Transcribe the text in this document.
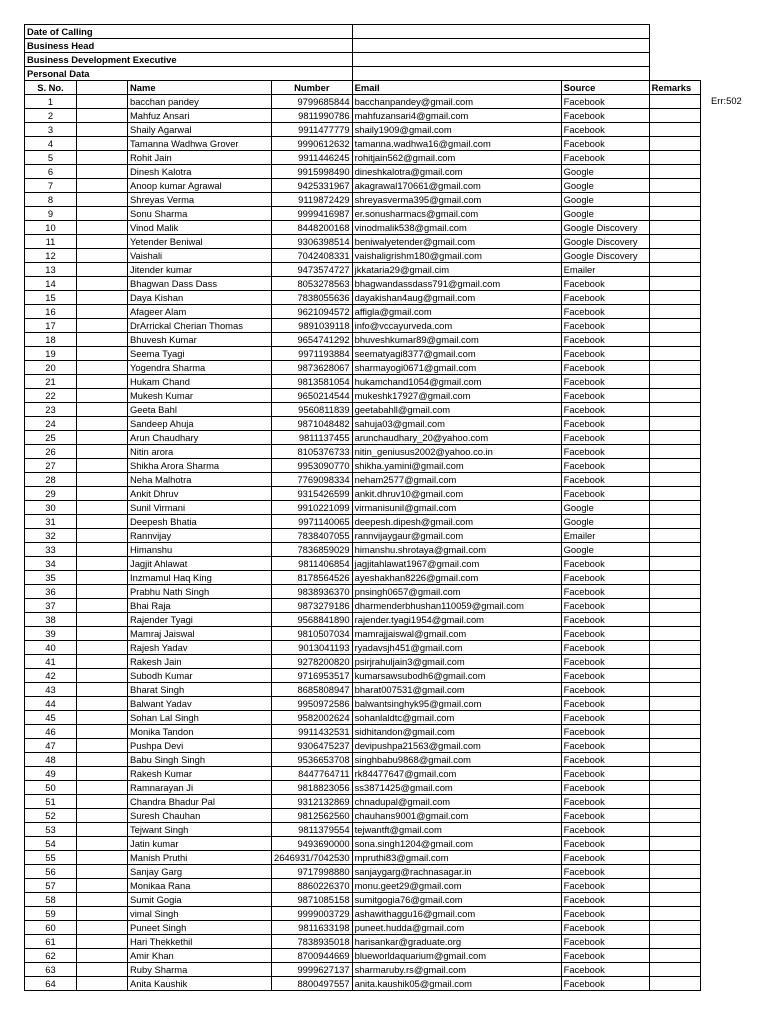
Date of Calling						
Business Head						
Business Development Executive						
Personal Data						
S. No.		Name	Number	Email	Source	Remarks
1		bacchan pandey	9799685844	bacchanpandey@gmail.com	Facebook	
2		Mahfuz Ansari	9811990786	mahfuzansari4@gmail.com	Facebook	
3		Shaily Agarwal	9911477779	shaily1909@gmail.com	Facebook	
4		Tamanna Wadhwa Grover	9990612632	tamanna.wadhwa16@gmail.com	Facebook	
5		Rohit Jain	9911446245	rohitjain562@gmail.com	Facebook	
6		Dinesh Kalotra	9915998490	dineshkalotra@gmail.com	Google	
7		Anoop kumar Agrawal	9425331967	akagrawal170661@gmail.com	Google	
8		Shreyas Verma	9119872429	shreyasverma395@gmail.com	Google	
9		Sonu Sharma	9999416987	er.sonusharmacs@gmail.com	Google	
10		Vinod Malik	8448200168	vinodmalik538@gmail.com	Google Discovery	
11		Yetender Beniwal	9306398514	beniwalyetender@gmail.com	Google Discovery	
12		Vaishali	7042408331	vaishaligrishm180@gmail.com	Google Discovery	
13		Jitender kumar	9473574727	jkkataria29@gmail.cim	Emailer	
14		Bhagwan Dass Dass	8053278563	bhagwandassdass791@gmail.com	Facebook	
15		Daya Kishan	7838055636	dayakishan4aug@gmail.com	Facebook	
16		Afageer Alam	9621094572	affigla@gmail.com	Facebook	
17		DrArrickal Cherian Thomas	9891039118	info@vccayurveda.com	Facebook	
18		Bhuvesh Kumar	9654741292	bhuveshkumar89@gmail.com	Facebook	
19		Seema Tyagi	9971193884	seematyagi8377@gmail.com	Facebook	
20		Yogendra Sharma	9873628067	sharmayogi0671@gmail.com	Facebook	
21		Hukam Chand	9813581054	hukamchand1054@gmail.com	Facebook	
22		Mukesh Kumar	9650214544	mukeshk17927@gmail.com	Facebook	
23		Geeta Bahl	9560811839	geetabahll@gmail.com	Facebook	
24		Sandeep Ahuja	9871048482	sahuja03@gmail.com	Facebook	
25		Arun Chaudhary	9811137455	arunchaudhary_20@yahoo.com	Facebook	
26		Nitin arora	8105376733	nitin_geniusus2002@yahoo.co.in	Facebook	
27		Shikha Arora Sharma	9953090770	shikha.yamini@gmail.com	Facebook	
28		Neha Malhotra	7769098334	neham2577@gmail.com	Facebook	
29		Ankit Dhruv	9315426599	ankit.dhruv10@gmail.com	Facebook	
30		Sunil Virmani	9910221099	virmanisunil@gmail.com	Google	
31		Deepesh Bhatia	9971140065	deepesh.dipesh@gmail.com	Google	
32		Rannvijay	7838407055	rannvijaygaur@gmail.com	Emailer	
33		Himanshu	7836859029	himanshu.shrotaya@gmail.com	Google	
34		Jagjit Ahlawat	9811406854	jagjitahlawat1967@gmail.com	Facebook	
35		Inzmamul Haq King	8178564526	ayeshakhan8226@gmail.com	Facebook	
36		Prabhu Nath Singh	9838936370	pnsingh0657@gmail.com	Facebook	
37		Bhai Raja	9873279186	dharmenderbhushan110059@gmail.com	Facebook	
38		Rajender Tyagi	9568841890	rajender.tyagi1954@gmail.com	Facebook	
39		Mamraj Jaiswal	9810507034	mamrajjaiswal@gmail.com	Facebook	
40		Rajesh Yadav	9013041193	ryadavsjh451@gmail.com	Facebook	
41		Rakesh Jain	9278200820	psirjrahuljain3@gmail.com	Facebook	
42		Subodh Kumar	9716953517	kumarsawsubodh6@gmail.com	Facebook	
43		Bharat Singh	8685808947	bharat007531@gmail.com	Facebook	
44		Balwant Yadav	9950972586	balwantsinghyk95@gmail.com	Facebook	
45		Sohan Lal Singh	9582002624	sohanlaldtc@gmail.com	Facebook	
46		Monika Tandon	9911432531	sidhitandon@gmail.com	Facebook	
47		Pushpa Devi	9306475237	devipushpa21563@gmail.com	Facebook	
48		Babu Singh Singh	9536653708	singhbabu9868@gmail.com	Facebook	
49		Rakesh Kumar	8447764711	rk84477647@gmail.com	Facebook	
50		Ramnarayan Ji	9818823056	ss3871425@gmail.com	Facebook	
51		Chandra Bhadur Pal	9312132869	chnadupal@gmail.com	Facebook	
52		Suresh Chauhan	9812562560	chauhans9001@gmail.com	Facebook	
53		Tejwant Singh	9811379554	tejwantft@gmail.com	Facebook	
54		Jatin kumar	9493690000	sona.singh1204@gmail.com	Facebook	
55		Manish Pruthi	2646931/7042530	mpruthi83@gmail.com	Facebook	
56		Sanjay Garg	9717998880	sanjaygarg@rachnasagar.in	Facebook	
57		Monikaa Rana	8860226370	monu.geet29@gmail.com	Facebook	
58		Sumit Gogia	9871085158	sumitgogia76@gmail.com	Facebook	
59		vimal Singh	9999003729	ashawithaggu16@gmail.com	Facebook	
60		Puneet Singh	9811633198	puneet.hudda@gmail.com	Facebook	
61		Hari Thekkethil	7838935018	harisankar@graduate.org	Facebook	
62		Amir Khan	8700944669	blueworldaquarium@gmail.com	Facebook	
63		Ruby Sharma	9999627137	sharmaruby.rs@gmail.com	Facebook	
64		Anita Kaushik	8800497557	anita.kaushik05@gmail.com	Facebook	
Err:502
